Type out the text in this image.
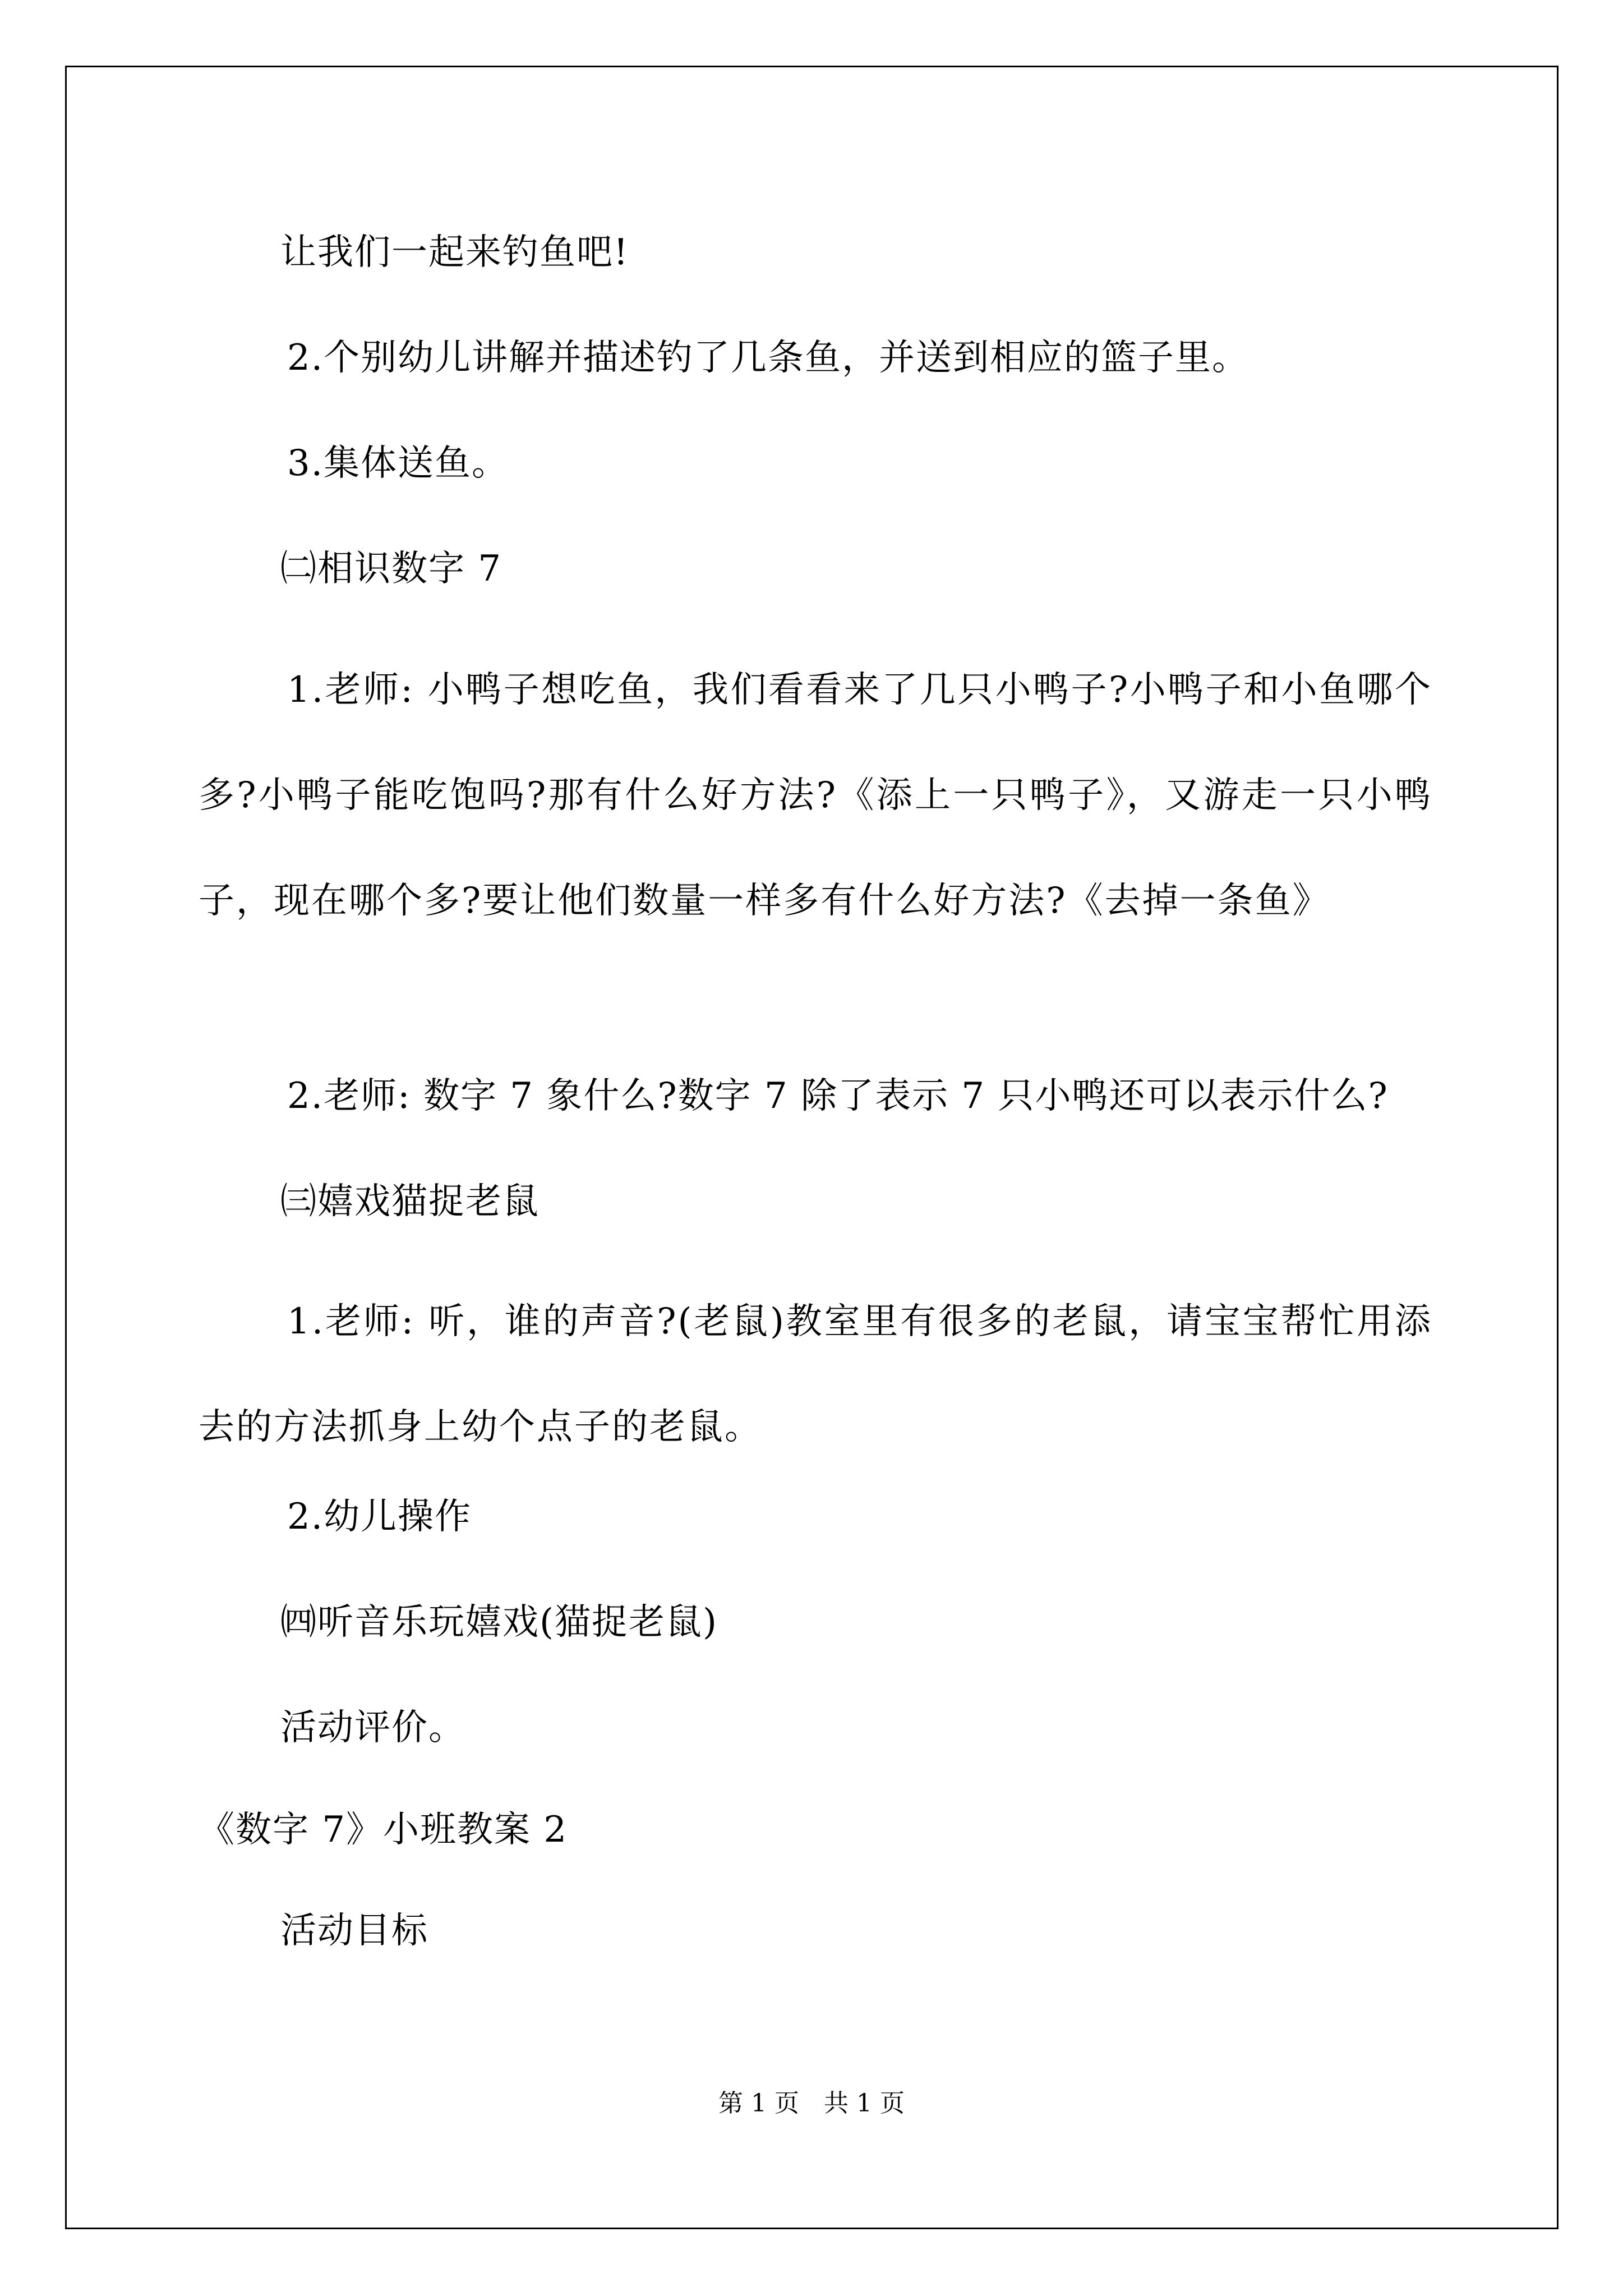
让我们一起来钓鱼吧!
2.个别幼儿讲解并描述钓了几条鱼，并送到相应的篮子里。
3.集体送鱼。
㈡相识数字 7
1.老师: 小鸭子想吃鱼，我们看看来了几只小鸭子?小鸭子和小鱼哪个多?小鸭子能吃饱吗?那有什么好方法?《添上一只鸭子》，又游走一只小鸭子，现在哪个多?要让他们数量一样多有什么好方法?《去掉一条鱼》
2.老师: 数字 7 象什么?数字 7 除了表示 7 只小鸭还可以表示什么?
㈢嬉戏猫捉老鼠
1.老师: 听，谁的声音?(老鼠)教室里有很多的老鼠，请宝宝帮忙用添去的方法抓身上幼个点子的老鼠。
2.幼儿操作
㈣听音乐玩嬉戏(猫捉老鼠)
活动评价。
《数字 7》小班教案 2
活动目标
第 1 页　共 1 页
